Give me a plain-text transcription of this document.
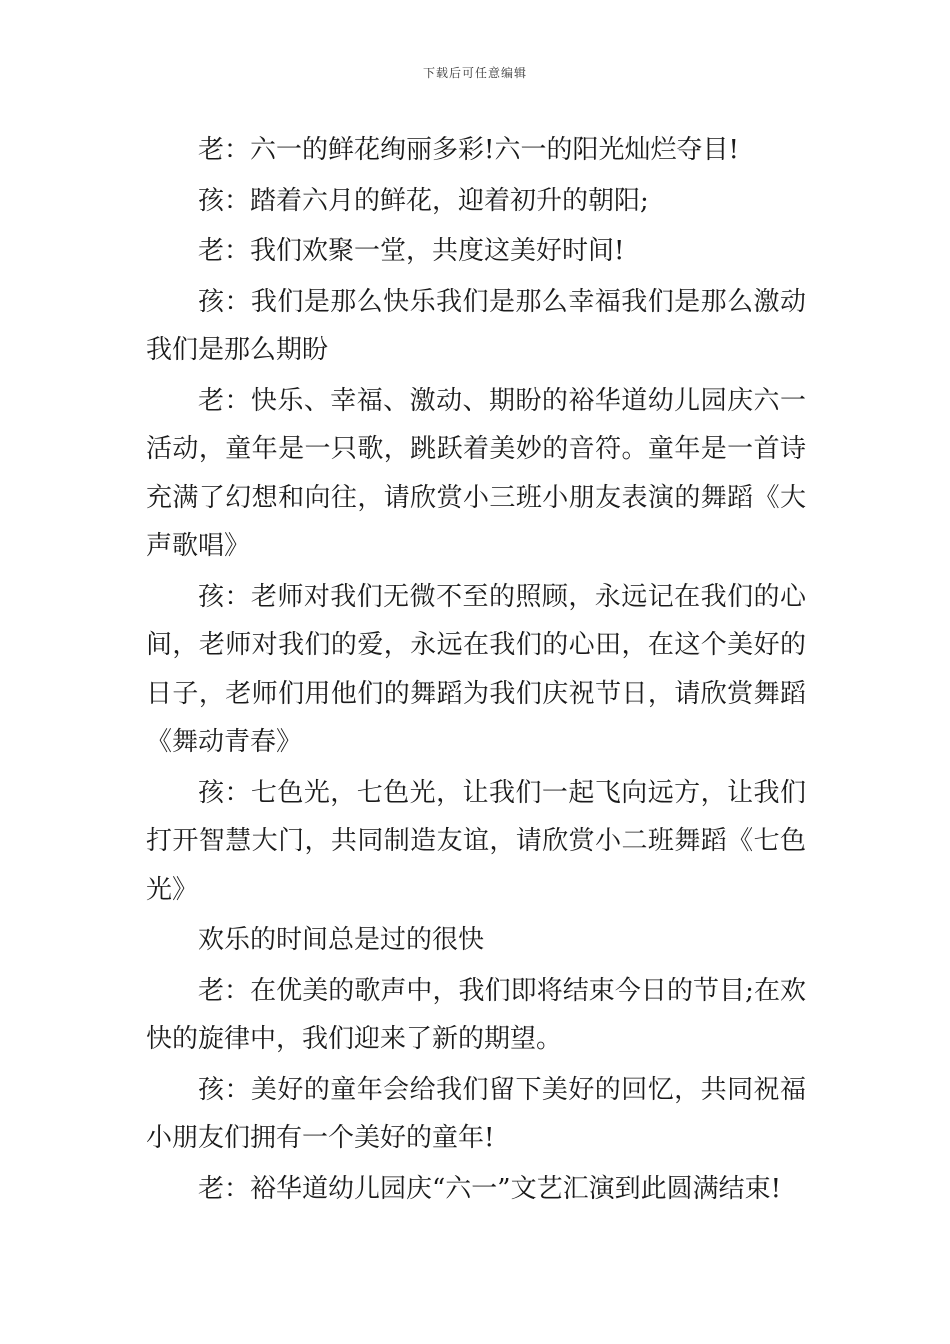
下载后可任意编辑

老：六一的鲜花绚丽多彩!六一的阳光灿烂夺目!

孩：踏着六月的鲜花，迎着初升的朝阳;

老：我们欢聚一堂，共度这美好时间!

孩：我们是那么快乐我们是那么幸福我们是那么激动我们是那么期盼

老：快乐、幸福、激动、期盼的裕华道幼儿园庆六一活动，童年是一只歌，跳跃着美妙的音符。童年是一首诗充满了幻想和向往，请欣赏小三班小朋友表演的舞蹈《大声歌唱》

孩：老师对我们无微不至的照顾，永远记在我们的心间，老师对我们的爱，永远在我们的心田，在这个美好的日子，老师们用他们的舞蹈为我们庆祝节日，请欣赏舞蹈《舞动青春》

孩：七色光，七色光，让我们一起飞向远方，让我们打开智慧大门，共同制造友谊，请欣赏小二班舞蹈《七色光》

欢乐的时间总是过的很快

老：在优美的歌声中，我们即将结束今日的节目;在欢快的旋律中，我们迎来了新的期望。

孩：美好的童年会给我们留下美好的回忆，共同祝福小朋友们拥有一个美好的童年!

老：裕华道幼儿园庆“六一”文艺汇演到此圆满结束!
